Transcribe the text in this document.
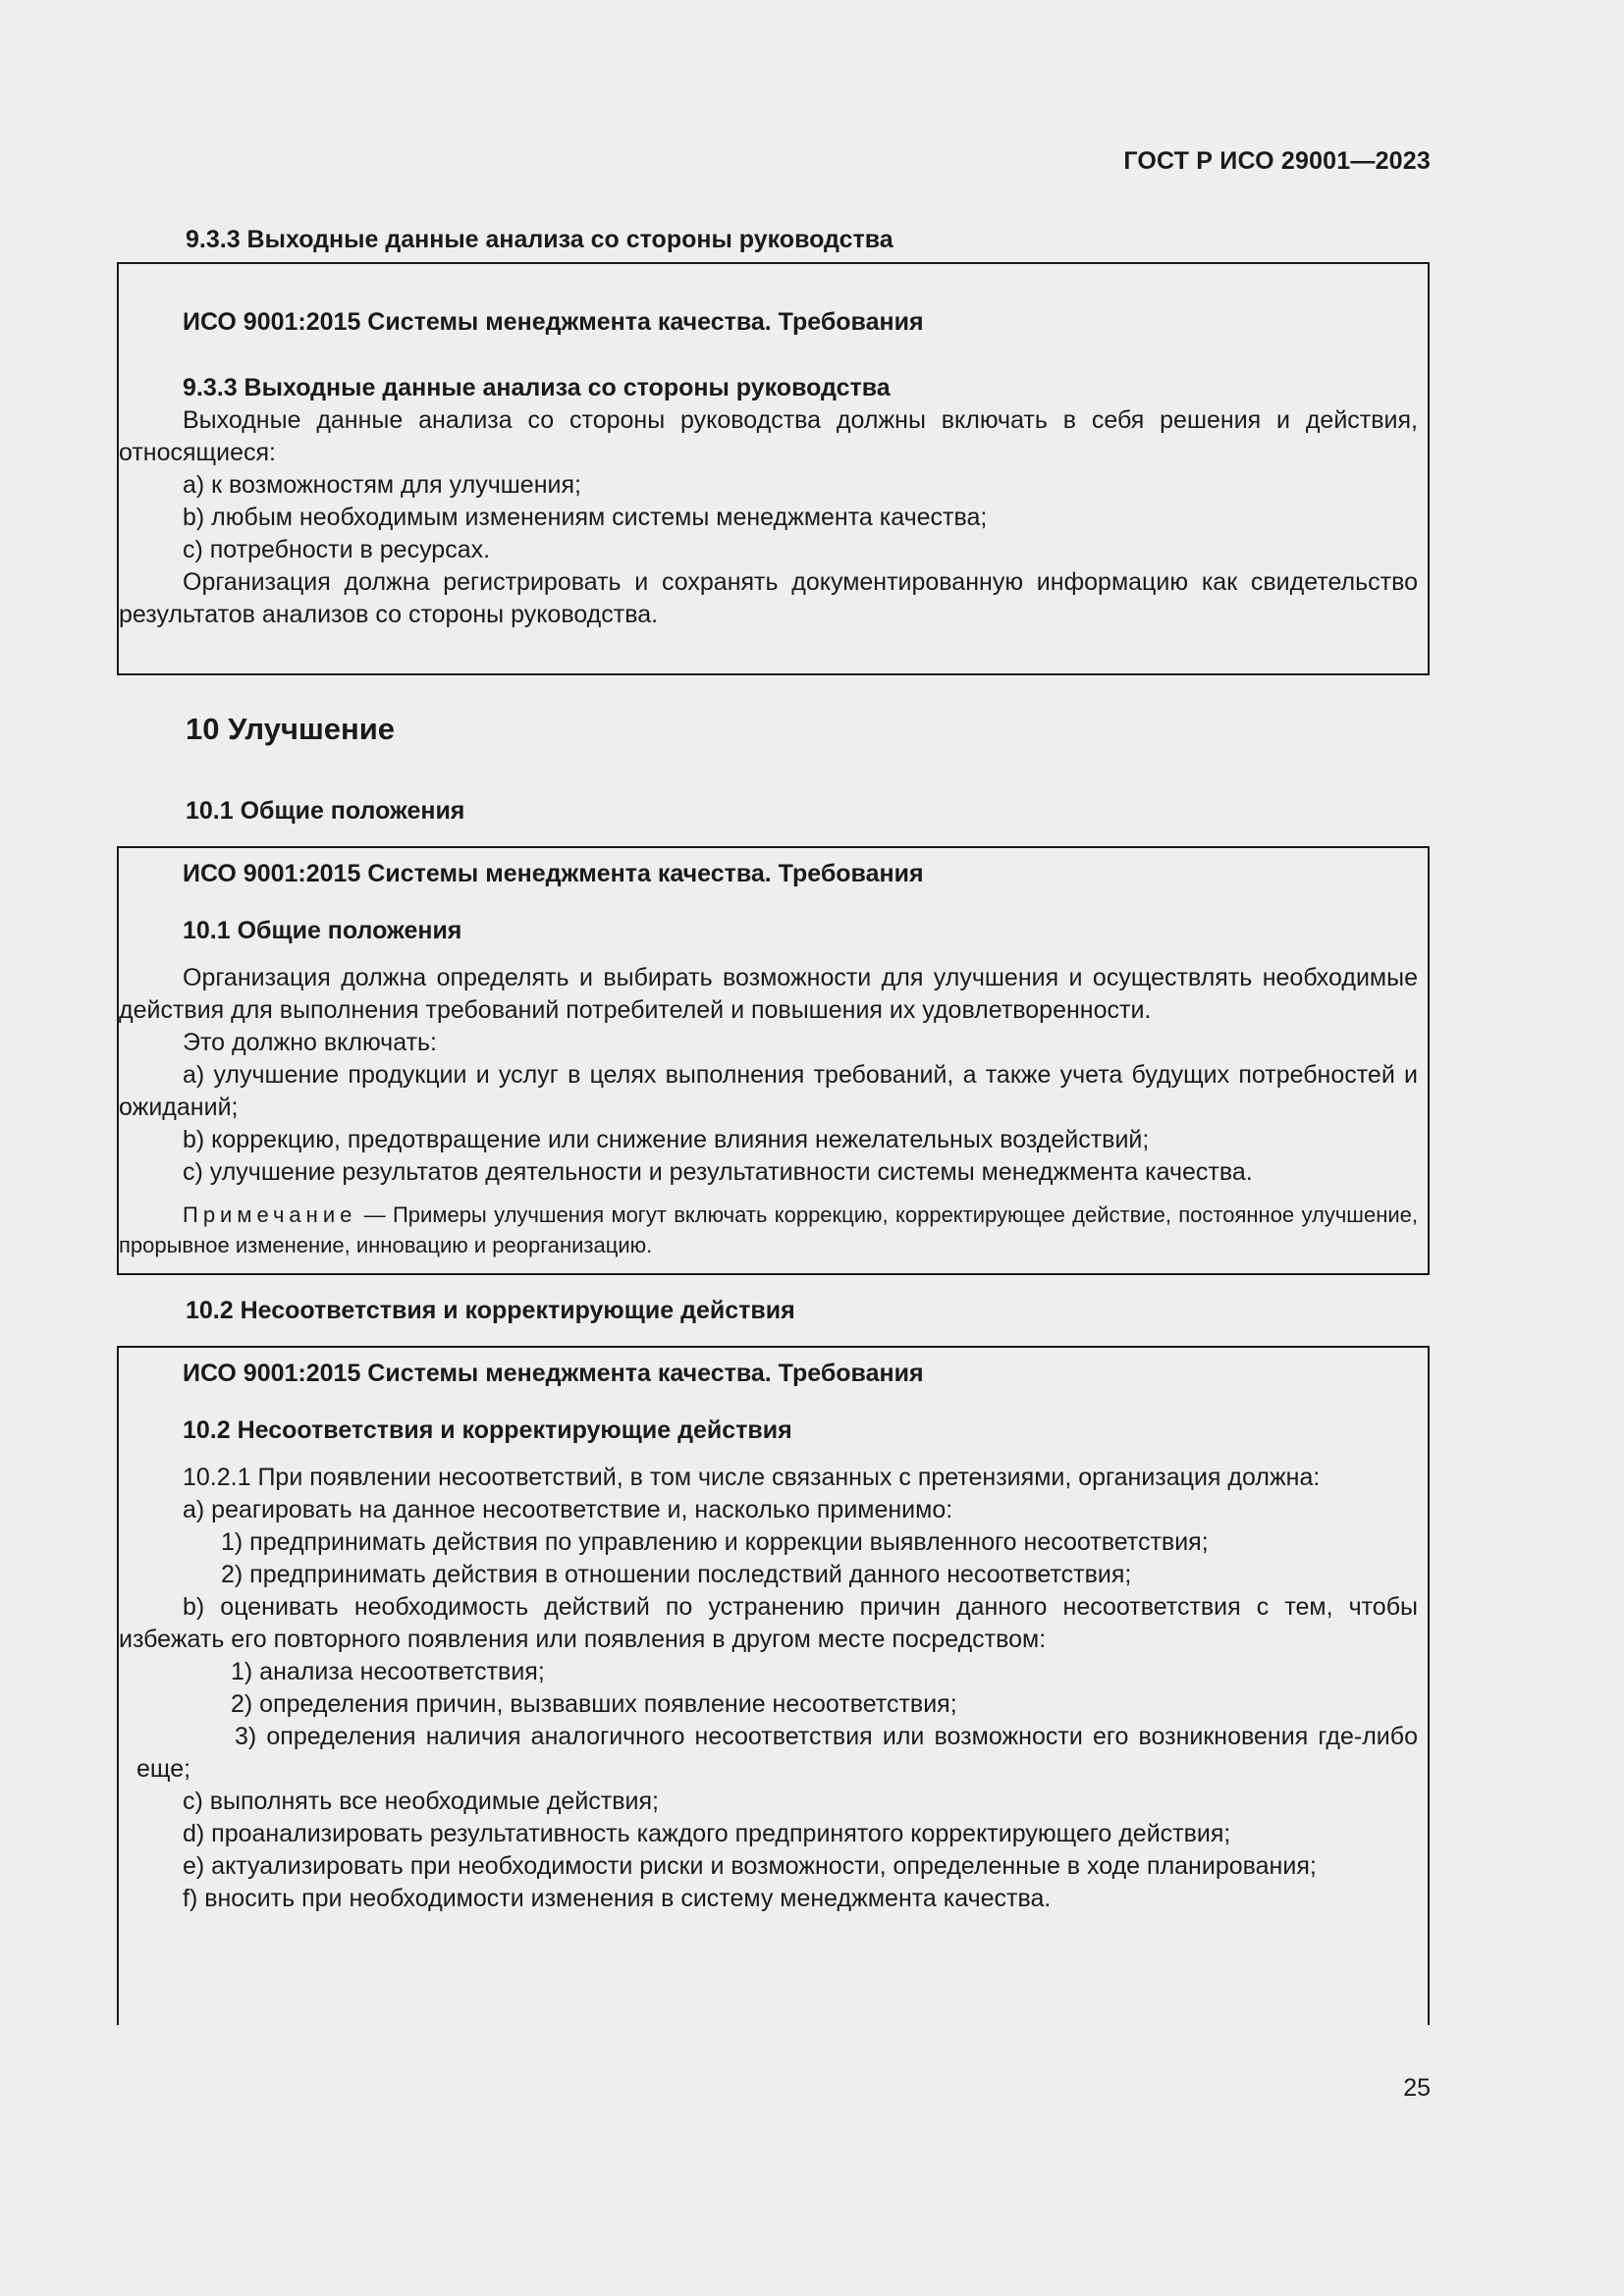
ГОСТ Р ИСО 29001—2023
9.3.3 Выходные данные анализа со стороны руководства
ИСО 9001:2015 Системы менеджмента качества. Требования
9.3.3 Выходные данные анализа со стороны руководства

Выходные данные анализа со стороны руководства должны включать в себя решения и действия, относящиеся:

a) к возможностям для улучшения;

b) любым необходимым изменениям системы менеджмента качества;

c) потребности в ресурсах.

Организация должна регистрировать и сохранять документированную информацию как свидетельство результатов анализов со стороны руководства.

10 Улучшение
10.1 Общие положения
ИСО 9001:2015 Системы менеджмента качества. Требования
10.1 Общие положения

Организация должна определять и выбирать возможности для улучшения и осуществлять необходимые действия для выполнения требований потребителей и повышения их удовлетворенности.

Это должно включать:

a) улучшение продукции и услуг в целях выполнения требований, а также учета будущих потребностей и ожиданий;

b) коррекцию, предотвращение или снижение влияния нежелательных воздействий;

c) улучшение результатов деятельности и результативности системы менеджмента качества.

Примечание — Примеры улучшения могут включать коррекцию, корректирующее действие, постоянное улучшение, прорывное изменение, инновацию и реорганизацию.

10.2 Несоответствия и корректирующие действия
ИСО 9001:2015 Системы менеджмента качества. Требования
10.2 Несоответствия и корректирующие действия

10.2.1 При появлении несоответствий, в том числе связанных с претензиями, организация должна:

a) реагировать на данное несоответствие и, насколько применимо:

1) предпринимать действия по управлению и коррекции выявленного несоответствия;

2) предпринимать действия в отношении последствий данного несоответствия;

b) оценивать необходимость действий по устранению причин данного несоответствия с тем, чтобы избежать его повторного появления или появления в другом месте посредством:

1) анализа несоответствия;

2) определения причин, вызвавших появление несоответствия;

3) определения наличия аналогичного несоответствия или возможности его возникновения где-либо еще;

c) выполнять все необходимые действия;

d) проанализировать результативность каждого предпринятого корректирующего действия;

e) актуализировать при необходимости риски и возможности, определенные в ходе планирования;

f) вносить при необходимости изменения в систему менеджмента качества.

25
